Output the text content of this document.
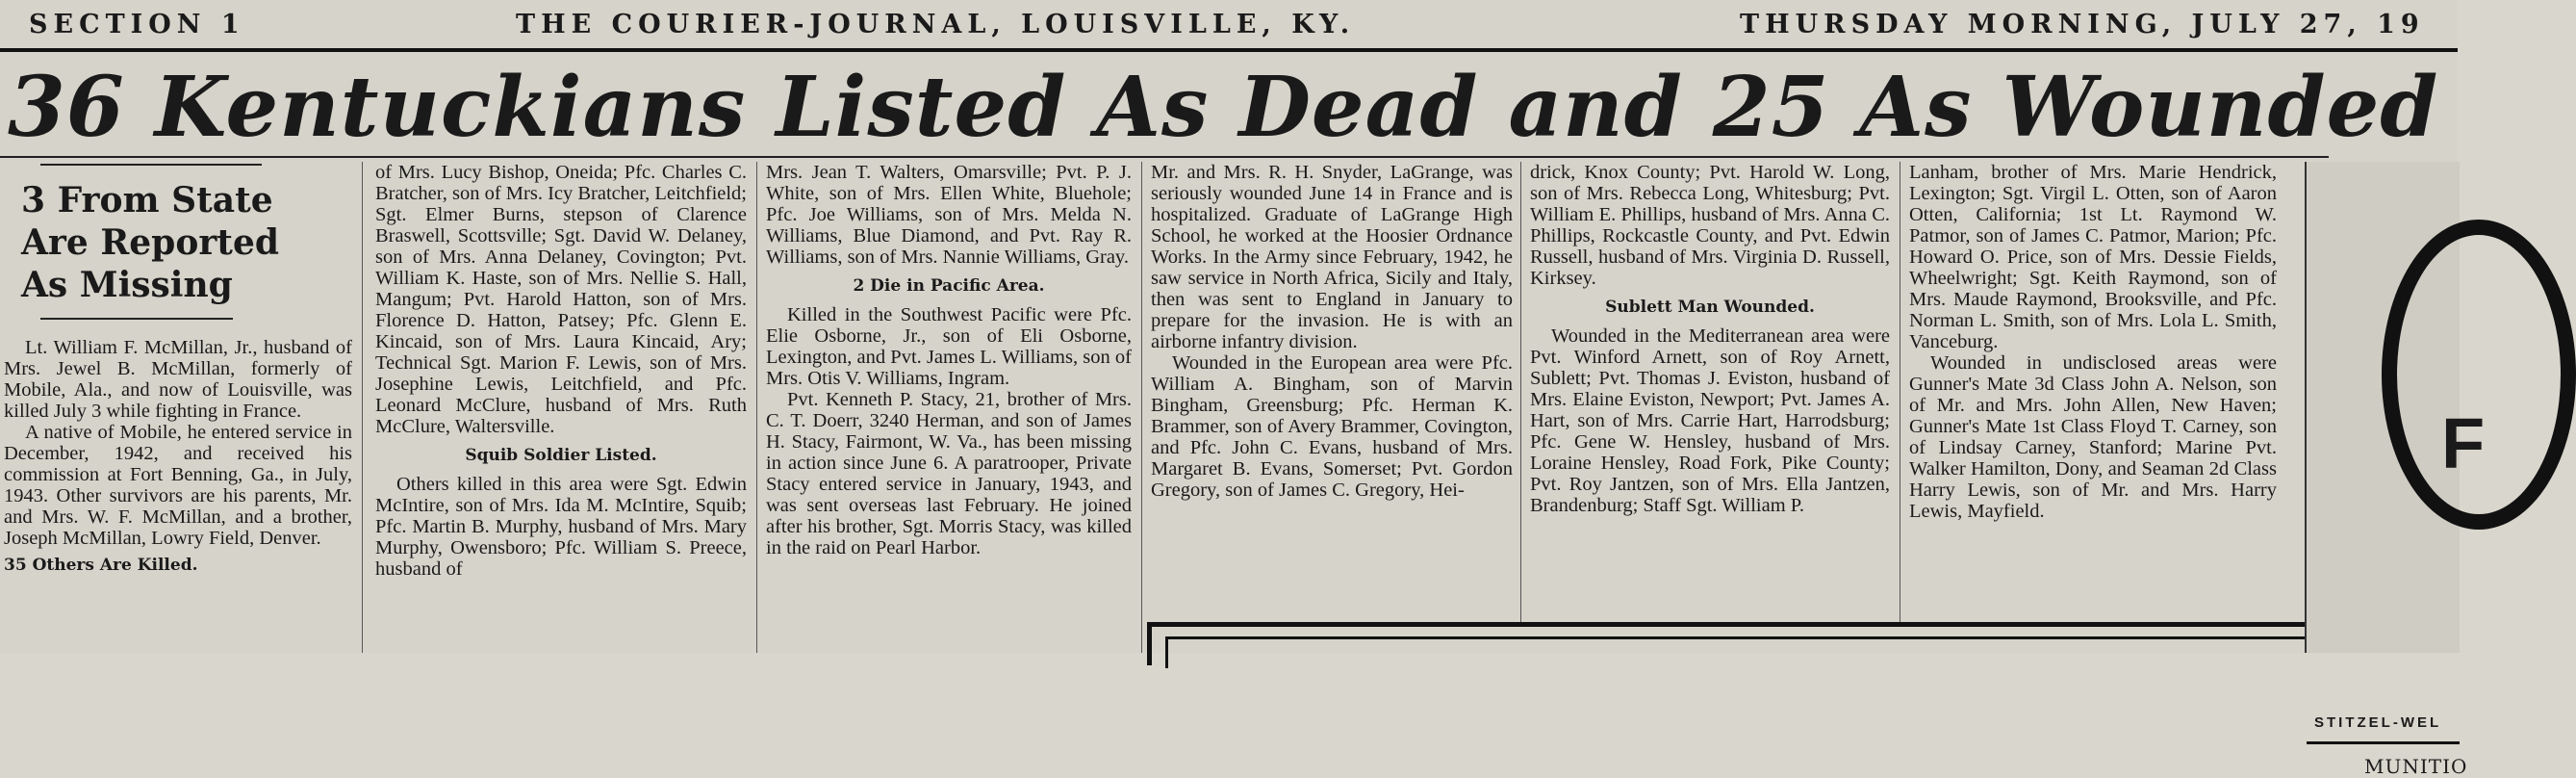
SECTION 1	THE COURIER-JOURNAL, LOUISVILLE, KY.	THURSDAY MORNING, JULY 27, 19
36 Kentuckians Listed As Dead and 25 As Wounded
3 From State
Are Reported
As Missing

Lt. William F. McMillan, Jr., husband of Mrs. Jewel B. McMillan, formerly of Mobile, Ala., and now of Louisville, was killed July 3 while fighting in France.

A native of Mobile, he entered service in December, 1942, and received his commission at Fort Benning, Ga., in July, 1943. Other survivors are his parents, Mr. and Mrs. W. F. McMillan, and a brother, Joseph McMillan, Lowry Field, Denver.

35 Others Are Killed.

of Mrs. Lucy Bishop, Oneida; Pfc. Charles C. Bratcher, son of Mrs. Icy Bratcher, Leitchfield; Sgt. Elmer Burns, stepson of Clarence Braswell, Scottsville; Sgt. David W. Delaney, son of Mrs. Anna Delaney, Covington; Pvt. William K. Haste, son of Mrs. Nellie S. Hall, Mangum; Pvt. Harold Hatton, son of Mrs. Florence D. Hatton, Patsey; Pfc. Glenn E. Kincaid, son of Mrs. Laura Kincaid, Ary; Technical Sgt. Marion F. Lewis, son of Mrs. Josephine Lewis, Leitchfield, and Pfc. Leonard McClure, husband of Mrs. Ruth McClure, Waltersville.

Squib Soldier Listed.

Others killed in this area were Sgt. Edwin McIntire, son of Mrs. Ida M. McIntire, Squib; Pfc. Martin B. Murphy, husband of Mrs. Mary Murphy, Owensboro; Pfc. William S. Preece, husband of

Mrs. Jean T. Walters, Omarsville; Pvt. P. J. White, son of Mrs. Ellen White, Bluehole; Pfc. Joe Williams, son of Mrs. Melda N. Williams, Blue Diamond, and Pvt. Ray R. Williams, son of Mrs. Nannie Williams, Gray.

2 Die in Pacific Area.

Killed in the Southwest Pacific were Pfc. Elie Osborne, Jr., son of Eli Osborne, Lexington, and Pvt. James L. Williams, son of Mrs. Otis V. Williams, Ingram.

Pvt. Kenneth P. Stacy, 21, brother of Mrs. C. T. Doerr, 3240 Herman, and son of James H. Stacy, Fairmont, W. Va., has been missing in action since June 6. A paratrooper, Private Stacy entered service in January, 1943, and was sent overseas last February. He joined after his brother, Sgt. Morris Stacy, was killed in the raid on Pearl Harbor.

Mr. and Mrs. R. H. Snyder, LaGrange, was seriously wounded June 14 in France and is hospitalized. Graduate of LaGrange High School, he worked at the Hoosier Ordnance Works. In the Army since February, 1942, he saw service in North Africa, Sicily and Italy, then was sent to England in January to prepare for the invasion. He is with an airborne infantry division.

Wounded in the European area were Pfc. William A. Bingham, son of Marvin Bingham, Greensburg; Pfc. Herman K. Brammer, son of Avery Brammer, Covington, and Pfc. John C. Evans, husband of Mrs. Margaret B. Evans, Somerset; Pvt. Gordon Gregory, son of James C. Gregory, Hei-

drick, Knox County; Pvt. Harold W. Long, son of Mrs. Rebecca Long, Whitesburg; Pvt. William E. Phillips, husband of Mrs. Anna C. Phillips, Rockcastle County, and Pvt. Edwin Russell, husband of Mrs. Virginia D. Russell, Kirksey.

Sublett Man Wounded.

Wounded in the Mediterranean area were Pvt. Winford Arnett, son of Roy Arnett, Sublett; Pvt. Thomas J. Eviston, husband of Mrs. Elaine Eviston, Newport; Pvt. James A. Hart, son of Mrs. Carrie Hart, Harrodsburg; Pfc. Gene W. Hensley, husband of Mrs. Loraine Hensley, Road Fork, Pike County; Pvt. Roy Jantzen, son of Mrs. Ella Jantzen, Brandenburg; Staff Sgt. William P.

Lanham, brother of Mrs. Marie Hendrick, Lexington; Sgt. Virgil L. Otten, son of Aaron Otten, California; 1st Lt. Raymond W. Patmor, son of James C. Patmor, Marion; Pfc. Howard O. Price, son of Mrs. Dessie Fields, Wheelwright; Sgt. Keith Raymond, son of Mrs. Maude Raymond, Brooksville, and Pfc. Norman L. Smith, son of Mrs. Lola L. Smith, Vanceburg.

Wounded in undisclosed areas were Gunner's Mate 3d Class John A. Nelson, son of Mr. and Mrs. John Allen, New Haven; Gunner's Mate 1st Class Floyd T. Carney, son of Lindsay Carney, Stanford; Marine Pvt. Walker Hamilton, Dony, and Seaman 2d Class Harry Lewis, son of Mr. and Mrs. Harry Lewis, Mayfield.

F
STITZEL-WEL
MUNITIO
